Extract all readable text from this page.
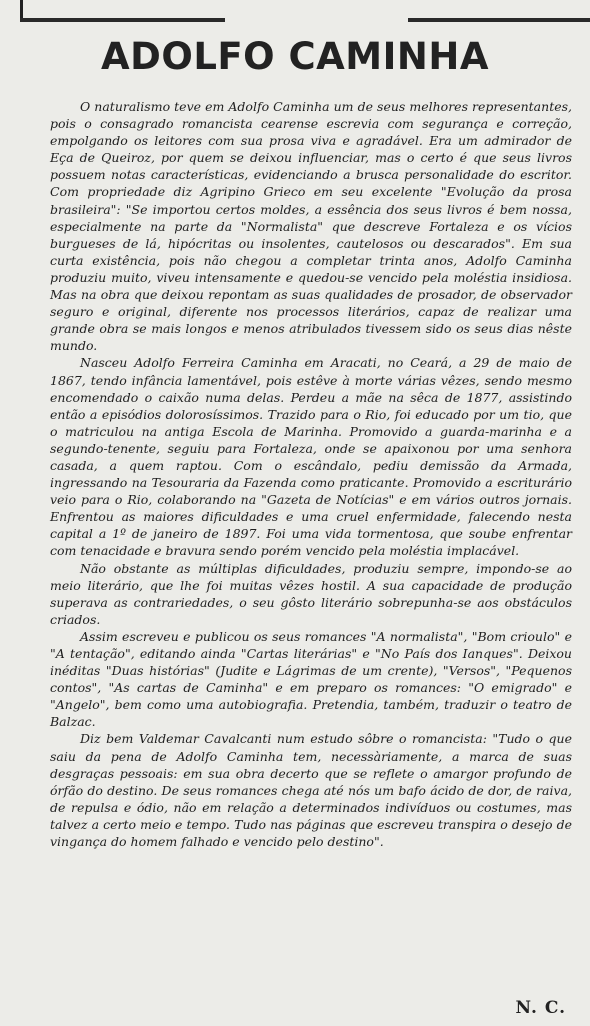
ADOLFO CAMINHA

O naturalismo teve em Adolfo Caminha um de seus melhores representantes, pois o consagrado romancista cearense escrevia com segurança e correção, empolgando os leitores com sua prosa viva e agradável. Era um admirador de Eça de Queiroz, por quem se deixou influenciar, mas o certo é que seus livros possuem notas características, evidenciando a brusca personalidade do escritor. Com propriedade diz Agripino Grieco em seu excelente "Evolução da prosa brasileira": "Se importou certos moldes, a essência dos seus livros é bem nossa, especialmente na parte da "Normalista" que descreve Fortaleza e os vícios burgueses de lá, hipócritas ou insolentes, cautelosos ou descarados". Em sua curta existência, pois não chegou a completar trinta anos, Adolfo Caminha produziu muito, viveu intensamente e quedou-se vencido pela moléstia insidiosa. Mas na obra que deixou repontam as suas qualidades de prosador, de observador seguro e original, diferente nos processos literários, capaz de realizar uma grande obra se mais longos e menos atribulados tivessem sido os seus dias nêste mundo.

Nasceu Adolfo Ferreira Caminha em Aracati, no Ceará, a 29 de maio de 1867, tendo infância lamentável, pois estêve à morte várias vêzes, sendo mesmo encomendado o caixão numa delas. Perdeu a mãe na sêca de 1877, assistindo então a episódios dolorosíssimos. Trazido para o Rio, foi educado por um tio, que o matriculou na antiga Escola de Marinha. Promovido a guarda-marinha e a segundo-tenente, seguiu para Fortaleza, onde se apaixonou por uma senhora casada, a quem raptou. Com o escândalo, pediu demissão da Armada, ingressando na Tesouraria da Fazenda como praticante. Promovido a escriturário veio para o Rio, colaborando na "Gazeta de Notícias" e em vários outros jornais. Enfrentou as maiores dificuldades e uma cruel enfermidade, falecendo nesta capital a 1º de janeiro de 1897. Foi uma vida tormentosa, que soube enfrentar com tenacidade e bravura sendo porém vencido pela moléstia implacável.

Não obstante as múltiplas dificuldades, produziu sempre, impondo-se ao meio literário, que lhe foi muitas vêzes hostil. A sua capacidade de produção superava as contrariedades, o seu gôsto literário sobrepunha-se aos obstáculos criados.

Assim escreveu e publicou os seus romances "A normalista", "Bom crioulo" e "A tentação", editando ainda "Cartas literárias" e "No País dos Ianques". Deixou inéditas "Duas histórias" (Judite e Lágrimas de um crente), "Versos", "Pequenos contos", "As cartas de Caminha" e em preparo os romances: "O emigrado" e "Angelo", bem como uma autobiografia. Pretendia, também, traduzir o teatro de Balzac.

Diz bem Valdemar Cavalcanti num estudo sôbre o romancista: "Tudo o que saiu da pena de Adolfo Caminha tem, necessàriamente, a marca de suas desgraças pessoais: em sua obra decerto que se reflete o amargor profundo de órfão do destino. De seus romances chega até nós um bafo ácido de dor, de raiva, de repulsa e ódio, não em relação a determinados indivíduos ou costumes, mas talvez a certo meio e tempo. Tudo nas páginas que escreveu transpira o desejo de vingança do homem falhado e vencido pelo destino".

N. C.
